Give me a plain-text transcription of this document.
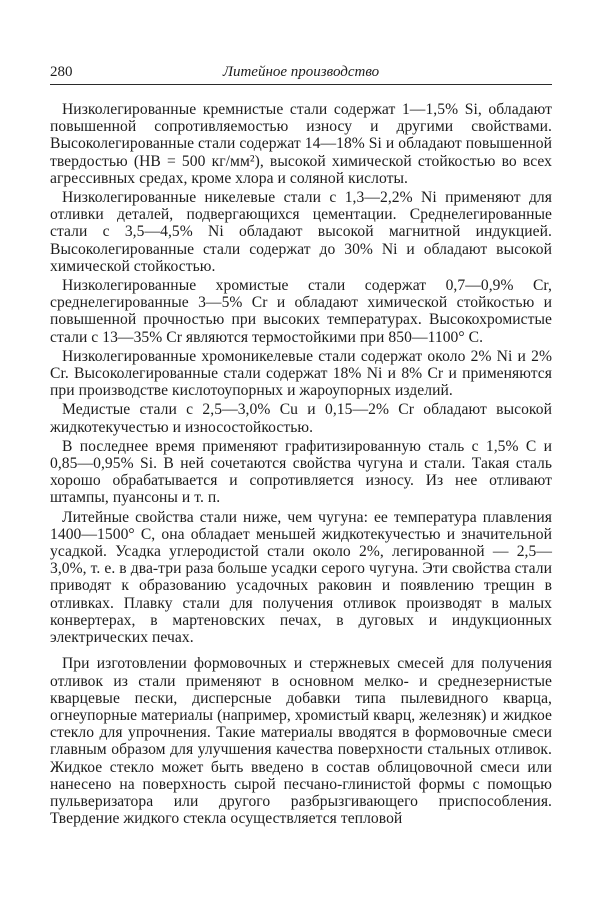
280	Литейное производство

Низколегированные кремнистые стали содержат 1—1,5% Si, обладают повышенной сопротивляемостью износу и другими свойствами. Высоколегированные стали содержат 14—18% Si и обладают повышенной твердостью (HB = 500 кг/мм²), высокой химической стойкостью во всех агрессивных средах, кроме хлора и соляной кислоты.

Низколегированные никелевые стали с 1,3—2,2% Ni применяют для отливки деталей, подвергающихся цементации. Среднелегированные стали с 3,5—4,5% Ni обладают высокой магнитной индукцией. Высоколегированные стали содержат до 30% Ni и обладают высокой химической стойкостью.

Низколегированные хромистые стали содержат 0,7—0,9% Cr, среднелегированные 3—5% Cr и обладают химической стойкостью и повышенной прочностью при высоких температурах. Высокохромистые стали с 13—35% Cr являются термостойкими при 850—1100° C.

Низколегированные хромоникелевые стали содержат около 2% Ni и 2% Cr. Высоколегированные стали содержат 18% Ni и 8% Cr и применяются при производстве кислотоупорных и жароупорных изделий.

Медистые стали с 2,5—3,0% Cu и 0,15—2% Cr обладают высокой жидкотекучестью и износостойкостью.

В последнее время применяют графитизированную сталь с 1,5% C и 0,85—0,95% Si. В ней сочетаются свойства чугуна и стали. Такая сталь хорошо обрабатывается и сопротивляется износу. Из нее отливают штампы, пуансоны и т. п.

Литейные свойства стали ниже, чем чугуна: ее температура плавления 1400—1500° C, она обладает меньшей жидкотекучестью и значительной усадкой. Усадка углеродистой стали около 2%, легированной — 2,5—3,0%, т. е. в два-три раза больше усадки серого чугуна. Эти свойства стали приводят к образованию усадочных раковин и появлению трещин в отливках. Плавку стали для получения отливок производят в малых конвертерах, в мартеновских печах, в дуговых и индукционных электрических печах.

При изготовлении формовочных и стержневых смесей для получения отливок из стали применяют в основном мелко- и среднезернистые кварцевые пески, дисперсные добавки типа пылевидного кварца, огнеупорные материалы (например, хромистый кварц, железняк) и жидкое стекло для упрочнения. Такие материалы вводятся в формовочные смеси главным образом для улучшения качества поверхности стальных отливок. Жидкое стекло может быть введено в состав облицовочной смеси или нанесено на поверхность сырой песчано-глинистой формы с помощью пульверизатора или другого разбрызгивающего приспособления. Твердение жидкого стекла осуществляется тепловой
